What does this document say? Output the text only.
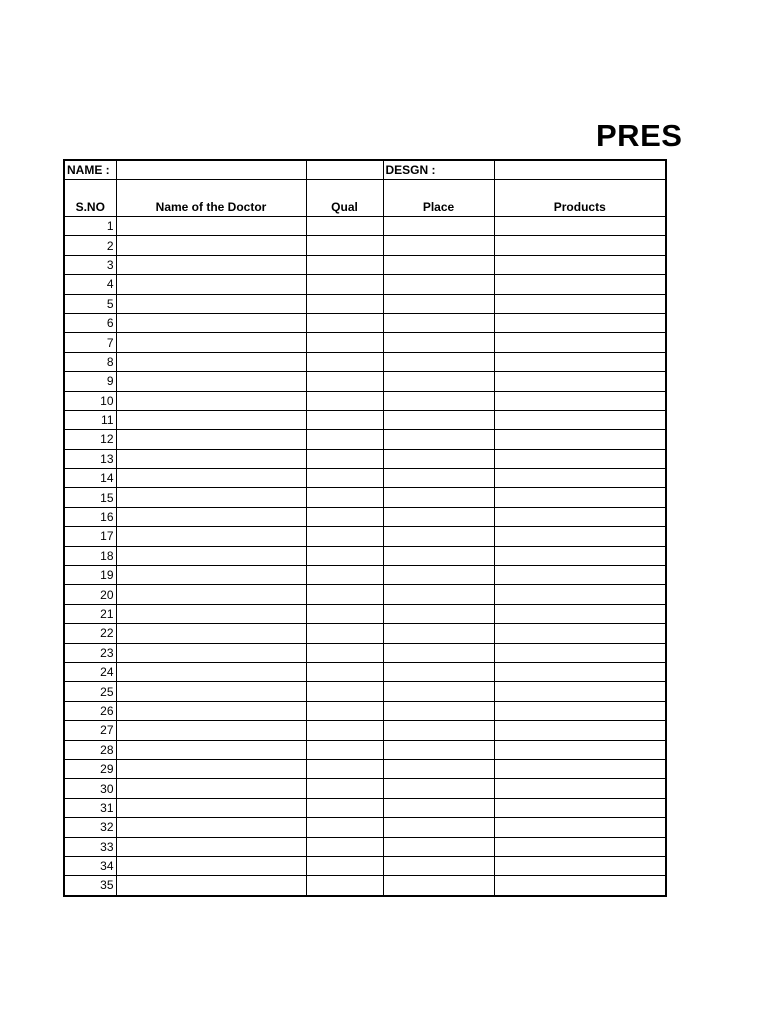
PRES
NAME :			DESGN :	
S.NO	Name of the Doctor	Qual	Place	Products
1				
2				
3				
4				
5				
6				
7				
8				
9				
10				
11				
12				
13				
14				
15				
16				
17				
18				
19				
20				
21				
22				
23				
24				
25				
26				
27				
28				
29				
30				
31				
32				
33				
34				
35				
